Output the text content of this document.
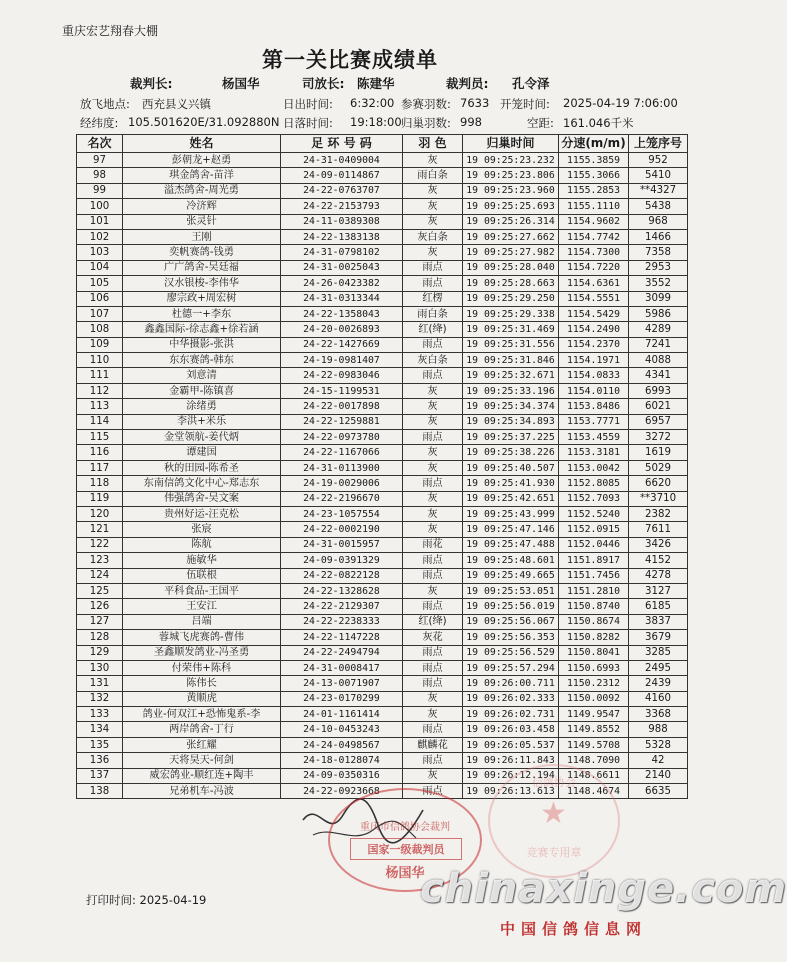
重庆宏艺翔春大棚
第一关比赛成绩单
裁判长:	杨国华	司放长: 陈建华	裁判员: 孔令泽
放飞地点: 西充县义兴镇	日出时间: 6:32:00 参赛羽数: 7633 开笼时间: 2025-04-19 7:06:00
经纬度: 105.501620E/31.092880N 日落时间: 19:18:00 归巢羽数: 998	空距: 161.046千米
名次	姓名	足 环 号 码	羽 色	归巢时间	分速(m/m)	上笼序号
97	彭朝龙+赵勇	24-31-0409004	灰	19 09:25:23.232	1155.3859	952
98	琪金鸽舍-苗洋	24-09-0114867	雨白条	19 09:25:23.806	1155.3066	5410
99	溢杰鸽舍-周光勇	24-22-0763707	灰	19 09:25:23.960	1155.2853	**4327
100	冷济辉	24-22-2153793	灰	19 09:25:25.693	1155.1110	5438
101	张灵针	24-11-0389308	灰	19 09:25:26.314	1154.9602	968
102	王刚	24-22-1383138	灰白条	19 09:25:27.662	1154.7742	1466
103	奕帆赛鸽-钱勇	24-31-0798102	灰	19 09:25:27.982	1154.7300	7358
104	广广鸽舍-吴廷福	24-31-0025043	雨点	19 09:25:28.040	1154.7220	2953
105	汉水银梭-李伟华	24-26-0423382	雨点	19 09:25:28.663	1154.6361	3552
106	廖宗政+周宏树	24-31-0313344	红楞	19 09:25:29.250	1154.5551	3099
107	杜德一+李东	24-22-1358043	雨白条	19 09:25:29.338	1154.5429	5986
108	鑫鑫国际-徐志鑫+徐若涵	24-20-0026893	红(绛)	19 09:25:31.469	1154.2490	4289
109	中华摄影-张洪	24-22-1427669	雨点	19 09:25:31.556	1154.2370	7241
110	东东赛鸽-韩东	24-19-0981407	灰白条	19 09:25:31.846	1154.1971	4088
111	刘意清	24-22-0983046	雨点	19 09:25:32.671	1154.0833	4341
112	金霸甲-陈镇喜	24-15-1199531	灰	19 09:25:33.196	1154.0110	6993
113	涂绪勇	24-22-0017898	灰	19 09:25:34.374	1153.8486	6021
114	李洪+米乐	24-22-1259881	灰	19 09:25:34.893	1153.7771	6957
115	金堂领航-姜代炳	24-22-0973780	雨点	19 09:25:37.225	1153.4559	3272
116	谭建国	24-22-1167066	灰	19 09:25:38.226	1153.3181	1619
117	秋的田园-陈希圣	24-31-0113900	灰	19 09:25:40.507	1153.0042	5029
118	东南信鸽文化中心-郑志东	24-19-0029006	雨点	19 09:25:41.930	1152.8085	6620
119	伟强鸽舍-吴文案	24-22-2196670	灰	19 09:25:42.651	1152.7093	**3710
120	贵州好运-汪克松	24-23-1057554	灰	19 09:25:43.999	1152.5240	2382
121	张宸	24-22-0002190	灰	19 09:25:47.146	1152.0915	7611
122	陈航	24-31-0015957	雨花	19 09:25:47.488	1152.0446	3426
123	施敏华	24-09-0391329	雨点	19 09:25:48.601	1151.8917	4152
124	伍联根	24-22-0822128	雨点	19 09:25:49.665	1151.7456	4278
125	平科食品-王国平	24-22-1328628	灰	19 09:25:53.051	1151.2810	3127
126	王安江	24-22-2129307	雨点	19 09:25:56.019	1150.8740	6185
127	吕端	24-22-2238333	红(绛)	19 09:25:56.067	1150.8674	3837
128	蓉城飞虎赛鸽-曹伟	24-22-1147228	灰花	19 09:25:56.353	1150.8282	3679
129	圣鑫顺发鸽业-冯圣勇	24-22-2494794	雨点	19 09:25:56.529	1150.8041	3285
130	付荣伟+陈科	24-31-0008417	雨点	19 09:25:57.294	1150.6993	2495
131	陈伟长	24-13-0071907	雨点	19 09:26:00.711	1150.2312	2439
132	黄顺虎	24-23-0170299	灰	19 09:26:02.333	1150.0092	4160
133	鸽业-何双江+恐怖鬼系-李	24-01-1161414	灰	19 09:26:02.731	1149.9547	3368
134	两岸鸽舍-丁行	24-10-0453243	雨点	19 09:26:03.458	1149.8552	988
135	张红耀	24-24-0498567	麒麟花	19 09:26:05.537	1149.5708	5328
136	天将昊天-何剑	24-18-0128074	雨点	19 09:26:11.843	1148.7090	42
137	威宏鸽业-顺红连+陶丰	24-09-0350316	灰	19 09:26:12.194	1148.6611	2140
138	兄弟机车-冯波	24-22-0923668	雨点	19 09:26:13.613	1148.4674	6635
打印时间: 2025-04-19
重庆市信鸽协会裁判
国家一级裁判员
杨国华
信鸽协会
★
竞赛专用章
chinaxinge.com
中国信鸽信息网
